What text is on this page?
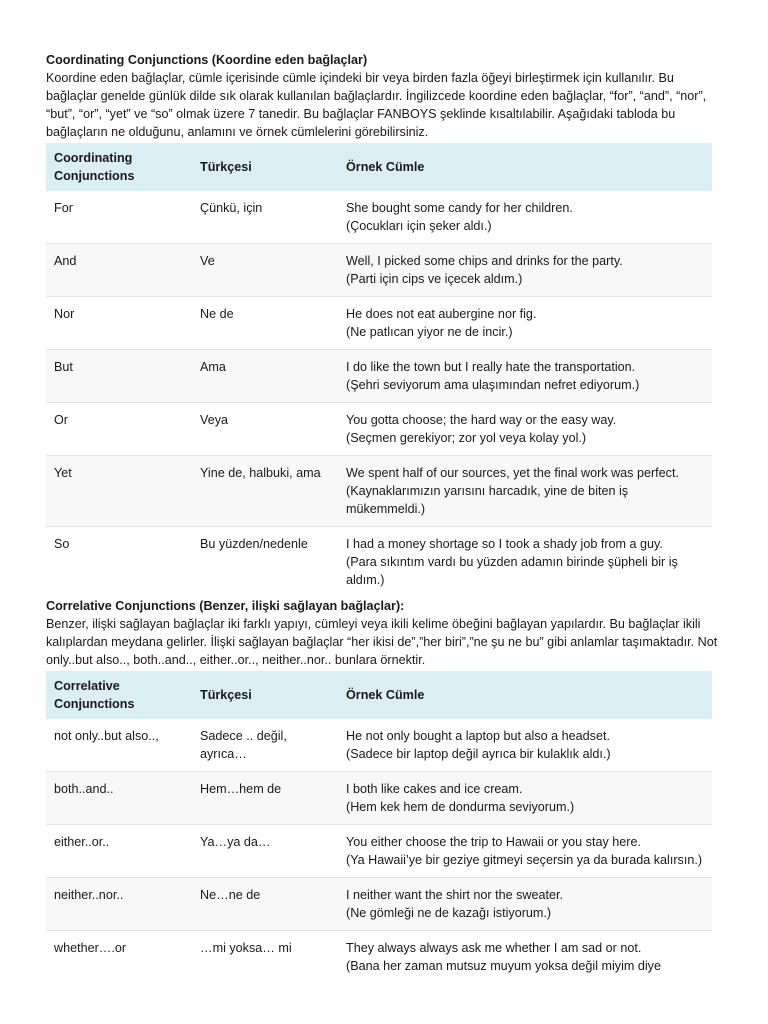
Coordinating Conjunctions (Koordine eden bağlaçlar)

Koordine eden bağlaçlar, cümle içerisinde cümle içindeki bir veya birden fazla öğeyi birleştirmek için kullanılır. Bu bağlaçlar genelde günlük dilde sık olarak kullanılan bağlaçlardır. İngilizcede koordine eden bağlaçlar, “for”, “and”, “nor”, “but”, “or”, “yet” ve “so” olmak üzere 7 tanedir. Bu bağlaçlar FANBOYS şeklinde kısaltılabilir. Aşağıdaki tabloda bu bağlaçların ne olduğunu, anlamını ve örnek cümlelerini görebilirsiniz.

Coordinating Conjunctions	Türkçesi	Örnek Cümle
For	Çünkü, için	She bought some candy for her children.
(Çocukları için şeker aldı.)

And	Ve	Well, I picked some chips and drinks for the party.
(Parti için cips ve içecek aldım.)

Nor	Ne de	He does not eat aubergine nor fig.
(Ne patlıcan yiyor ne de incir.)

But	Ama	I do like the town but I really hate the transportation.
(Şehri seviyorum ama ulaşımından nefret ediyorum.)

Or	Veya	You gotta choose; the hard way or the easy way.
(Seçmen gerekiyor; zor yol veya kolay yol.)

Yet	Yine de, halbuki, ama	We spent half of our sources, yet the final work was perfect.
(Kaynaklarımızın yarısını harcadık, yine de biten iş mükemmeldi.)

So	Bu yüzden/nedenle	I had a money shortage so I took a shady job from a guy.
(Para sıkıntım vardı bu yüzden adamın birinde şüpheli bir iş aldım.)

Correlative Conjunctions (Benzer, ilişki sağlayan bağlaçlar):

Benzer, ilişki sağlayan bağlaçlar iki farklı yapıyı, cümleyi veya ikili kelime öbeğini bağlayan yapılardır. Bu bağlaçlar ikili kalıplardan meydana gelirler. İlişki sağlayan bağlaçlar “her ikisi de”,”her biri”,”ne şu ne bu” gibi anlamlar taşımaktadır. Not only..but also.., both..and.., either..or.., neither..nor.. bunlara örnektir.

Correlative Conjunctions	Türkçesi	Örnek Cümle
not only..but also..,	Sadece .. değil, ayrıca…	He not only bought a laptop but also a headset.
(Sadece bir laptop değil ayrıca bir kulaklık aldı.)

both..and..	Hem…hem de	I both like cakes and ice cream.
(Hem kek hem de dondurma seviyorum.)

either..or..	Ya…ya da…	You either choose the trip to Hawaii or you stay here.
(Ya Hawaii’ye bir geziye gitmeyi seçersin ya da burada kalırsın.)

neither..nor..	Ne…ne de	I neither want the shirt nor the sweater.
(Ne gömleği ne de kazağı istiyorum.)

whether….or	…mi yoksa… mi	They always always ask me whether I am sad or not.
(Bana her zaman mutsuz muyum yoksa değil miyim diye
